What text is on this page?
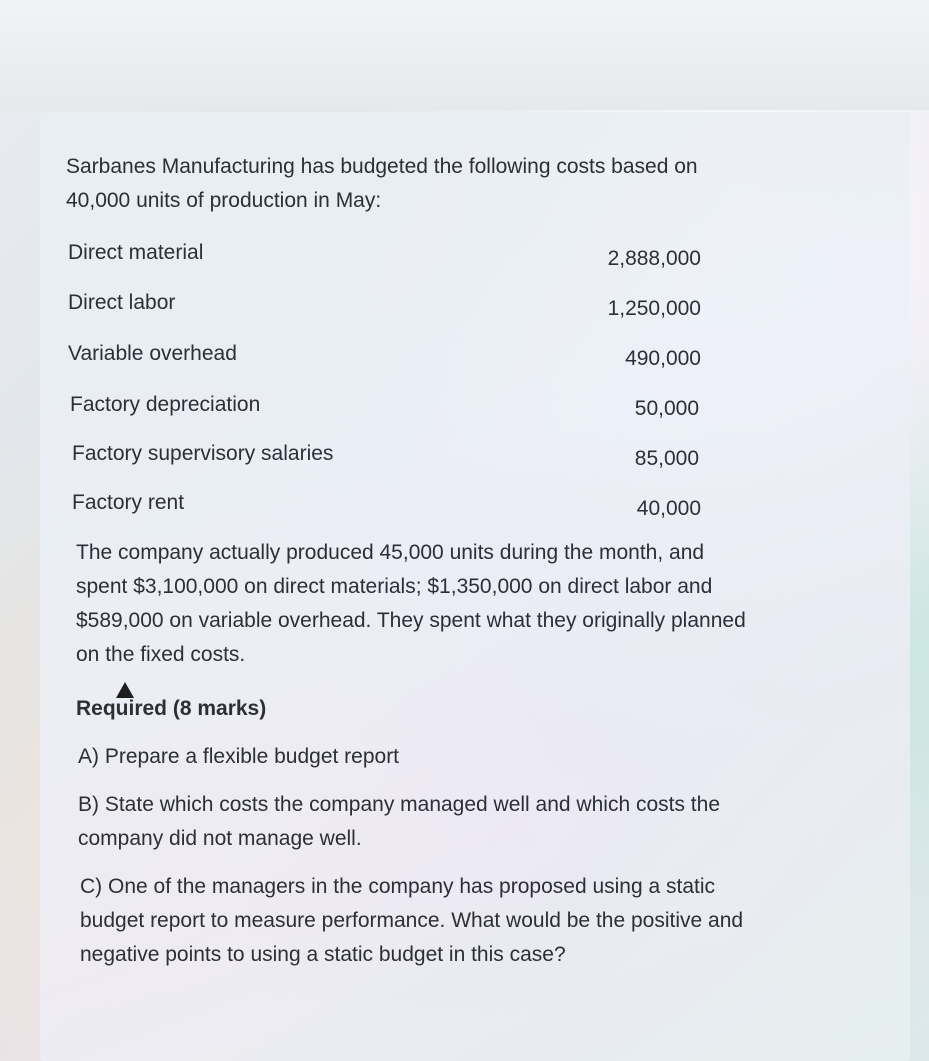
Sarbanes Manufacturing has budgeted the following costs based on
40,000 units of production in May:
Direct material	2,888,000
Direct labor	1,250,000
Variable overhead	490,000
Factory depreciation	50,000
Factory supervisory salaries	85,000
Factory rent	40,000
The company actually produced 45,000 units during the month, and
spent $3,100,000 on direct materials; $1,350,000 on direct labor and
$589,000 on variable overhead. They spent what they originally planned
on the fixed costs.
Required (8 marks)
A) Prepare a flexible budget report
B) State which costs the company managed well and which costs the
company did not manage well.
C) One of the managers in the company has proposed using a static
budget report to measure performance. What would be the positive and
negative points to using a static budget in this case?
